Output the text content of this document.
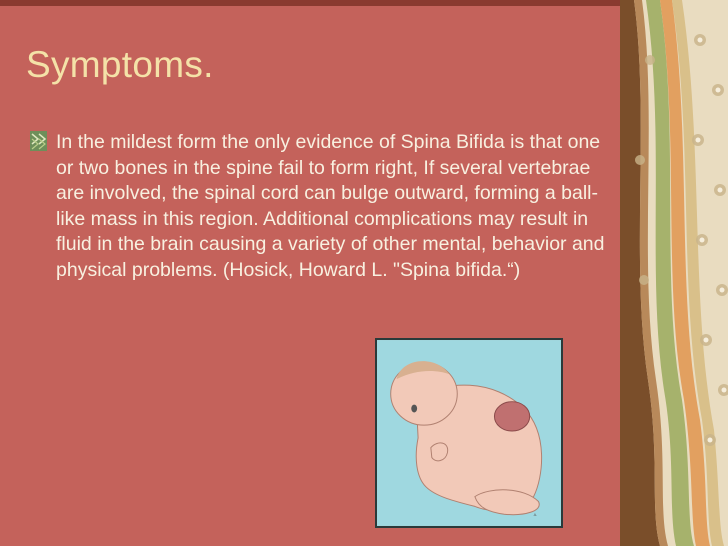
Symptoms.
In the mildest form the only evidence of Spina Bifida is that one or two bones in the spine fail to form right, If several vertebrae are involved, the spinal cord can bulge outward, forming a ball-like mass in this region. Additional complications may result in fluid in the brain causing a variety of other mental, behavior and physical problems. (Hosick, Howard L. "Spina bifida.“)
A.
